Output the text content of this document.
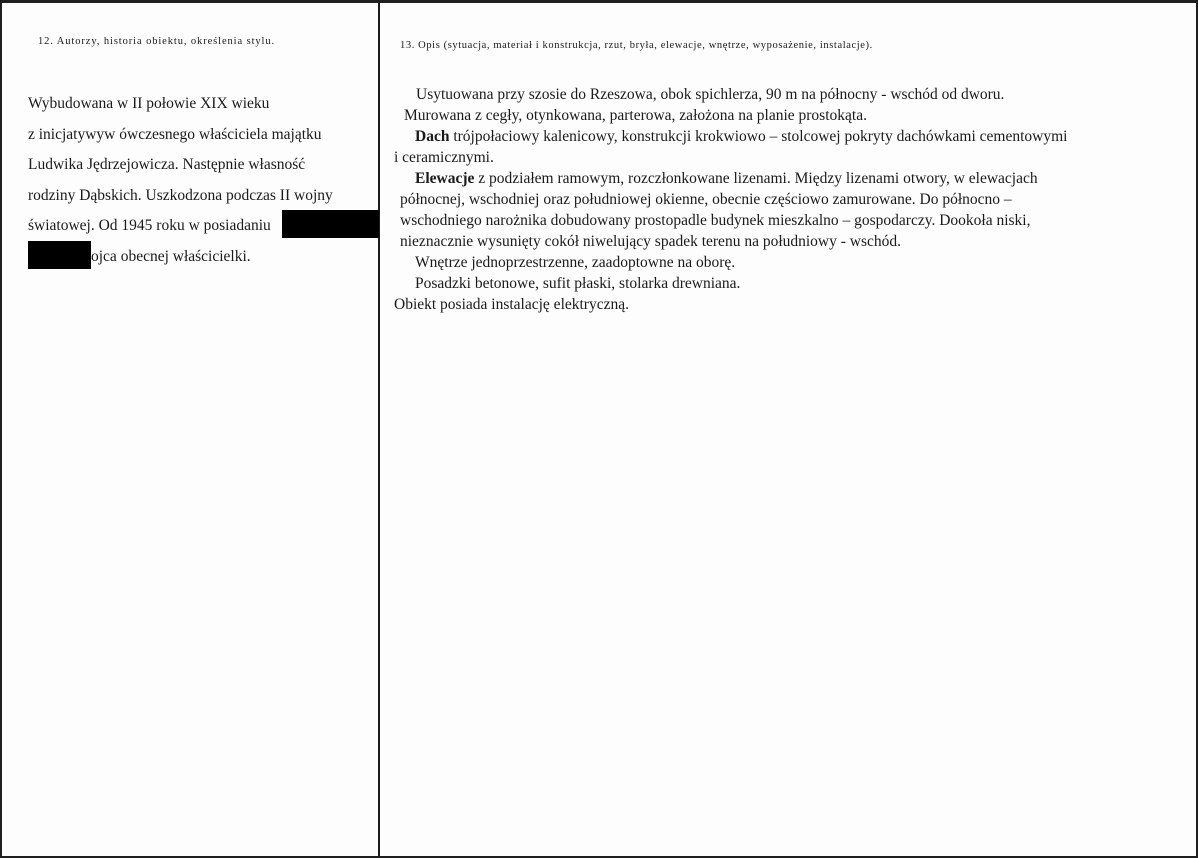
12. Autorzy, historia obiektu, określenia stylu.	13. Opis (sytuacja, materiał i konstrukcja, rzut, bryła, elewacje, wnętrze, wyposażenie, instalacje).
Wybudowana w II połowie XIX wieku
z inicjatywyw ówczesnego właściciela majątku
Ludwika Jędrzejowicza. Następnie własność
rodziny Dąbskich. Uszkodzona podczas II wojny
światowej. Od 1945 roku w posiadaniu
ojca obecnej właścicielki.
Usytuowana przy szosie do Rzeszowa, obok spichlerza, 90 m na północny - wschód od dworu.
Murowana z cegły, otynkowana, parterowa, założona na planie prostokąta.
Dach trójpołaciowy kalenicowy, konstrukcji krokwiowo – stolcowej pokryty dachówkami cementowymi
i ceramicznymi.
Elewacje z podziałem ramowym, rozczłonkowane lizenami. Między lizenami otwory, w elewacjach
północnej, wschodniej oraz południowej okienne, obecnie częściowo zamurowane. Do północno –
wschodniego narożnika dobudowany prostopadle budynek mieszkalno – gospodarczy. Dookoła niski,
nieznacznie wysunięty cokół niwelujący spadek terenu na południowy - wschód.
Wnętrze jednoprzestrzenne, zaadoptowne na oborę.
Posadzki betonowe, sufit płaski, stolarka drewniana.
Obiekt posiada instalację elektryczną.
